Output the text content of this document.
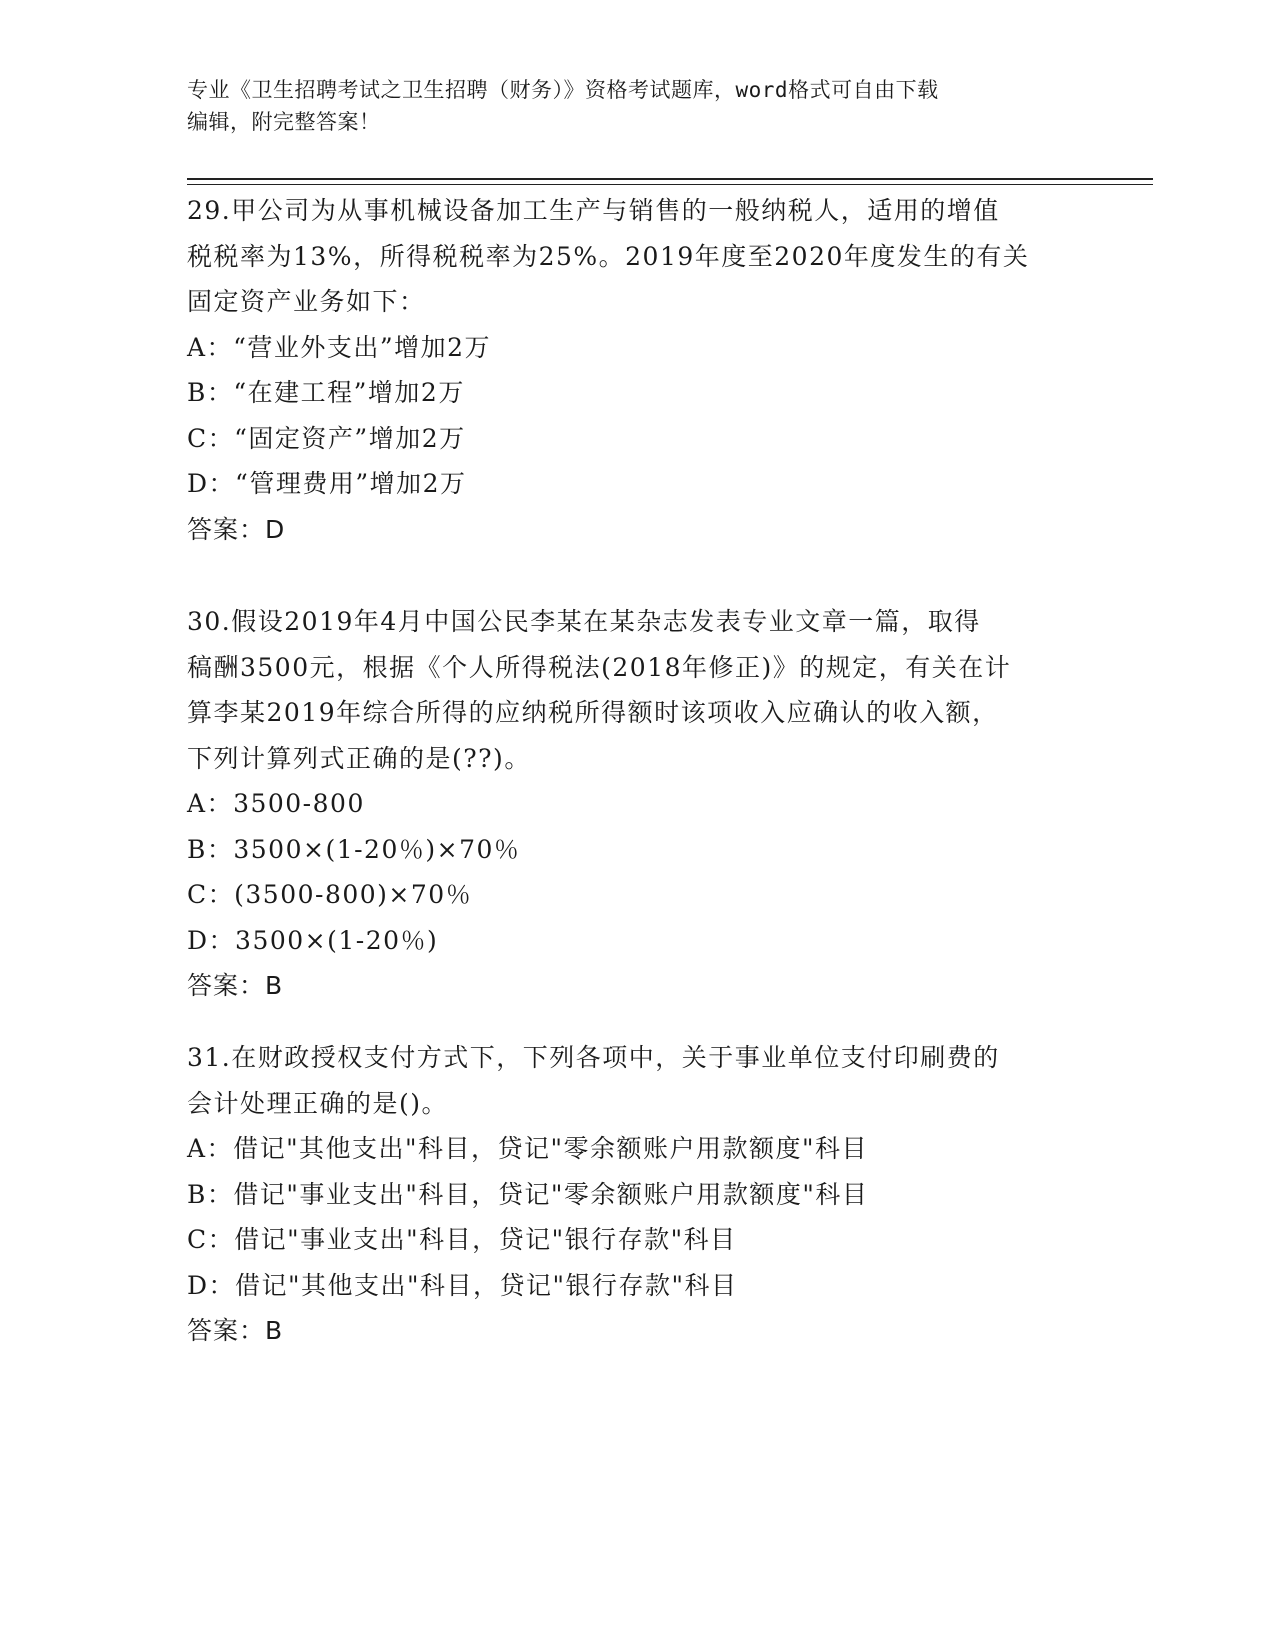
专业《卫生招聘考试之卫生招聘（财务）》资格考试题库，word格式可自由下载
编辑，附完整答案！
29.甲公司为从事机械设备加工生产与销售的一般纳税人，适用的增值
税税率为13%，所得税税率为25%。2019年度至2020年度发生的有关
固定资产业务如下：
A：“营业外支出”增加2万
B：“在建工程”增加2万
C：“固定资产”增加2万
D：“管理费用”增加2万
答案：D
30.假设2019年4月中国公民李某在某杂志发表专业文章一篇，取得
稿酬3500元，根据《个人所得税法(2018年修正)》的规定，有关在计
算李某2019年综合所得的应纳税所得额时该项收入应确认的收入额，
下列计算列式正确的是(??)。
A：3500-800
B：3500×(1-20％)×70％
C：(3500-800)×70％
D：3500×(1-20％)
答案：B
31.在财政授权支付方式下，下列各项中，关于事业单位支付印刷费的
会计处理正确的是()。
A：借记"其他支出"科目，贷记"零余额账户用款额度"科目
B：借记"事业支出"科目，贷记"零余额账户用款额度"科目
C：借记"事业支出"科目，贷记"银行存款"科目
D：借记"其他支出"科目，贷记"银行存款"科目
答案：B
